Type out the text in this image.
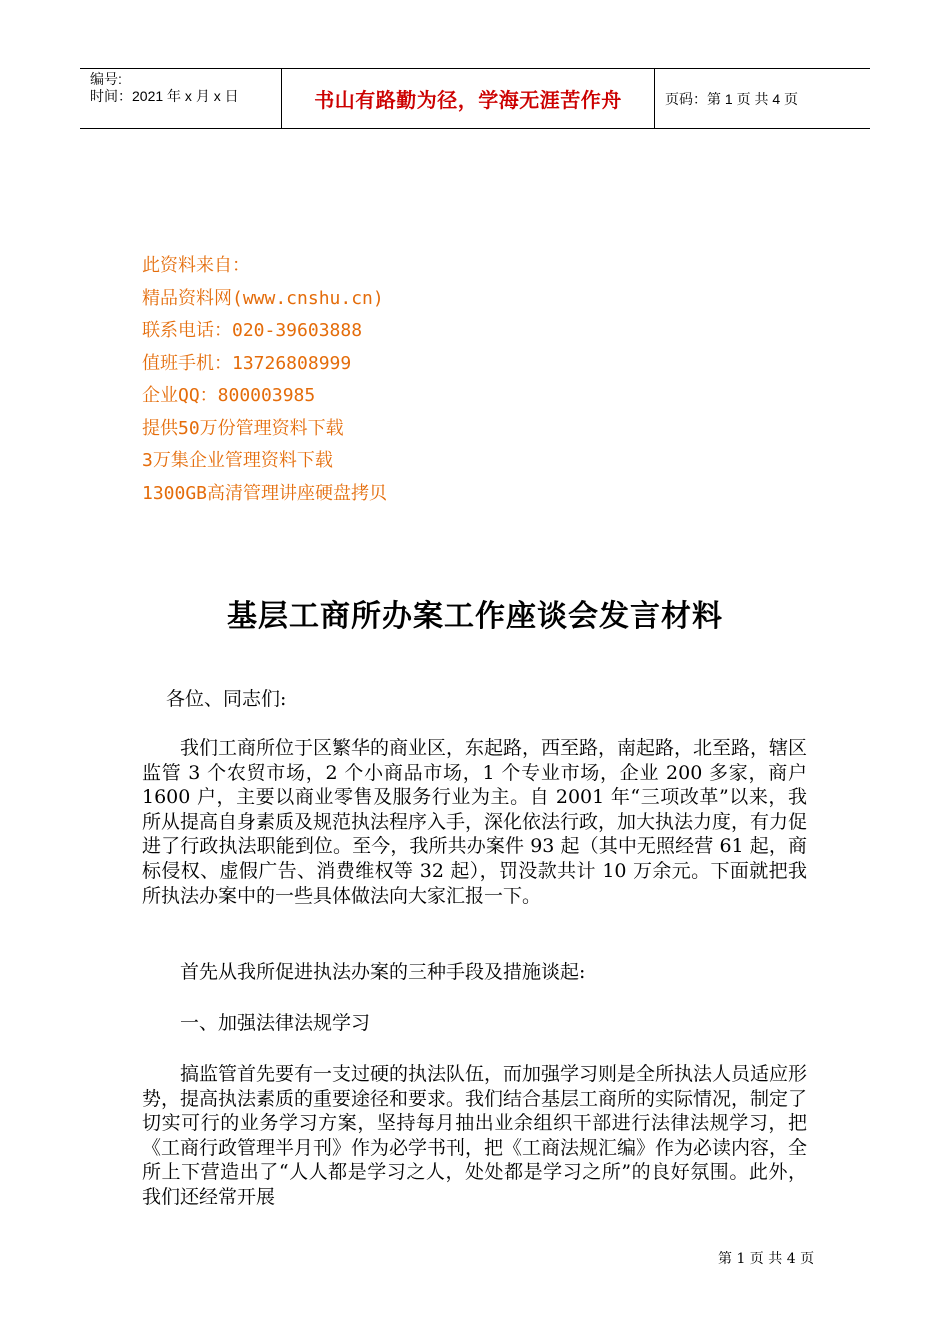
编号:
时间：2021 年 x 月 x 日	书山有路勤为径，学海无涯苦作舟	页码：第 1 页 共 4 页
此资料来自：
精品资料网(www.cnshu.cn)
联系电话：020-39603888
值班手机：13726808999
企业QQ：800003985
提供50万份管理资料下载
3万集企业管理资料下载
1300GB高清管理讲座硬盘拷贝
基层工商所办案工作座谈会发言材料
各位、同志们:
我们工商所位于区繁华的商业区，东起路，西至路，南起路，北至路，辖区监管 3 个农贸市场，2 个小商品市场，1 个专业市场，企业 200 多家，商户 1600 户，主要以商业零售及服务行业为主。自 2001 年“三项改革”以来，我所从提高自身素质及规范执法程序入手，深化依法行政，加大执法力度，有力促进了行政执法职能到位。至今，我所共办案件 93 起（其中无照经营 61 起，商标侵权、虚假广告、消费维权等 32 起），罚没款共计 10 万余元。下面就把我所执法办案中的一些具体做法向大家汇报一下。
首先从我所促进执法办案的三种手段及措施谈起:
一、加强法律法规学习
搞监管首先要有一支过硬的执法队伍，而加强学习则是全所执法人员适应形势，提高执法素质的重要途径和要求。我们结合基层工商所的实际情况，制定了切实可行的业务学习方案，坚持每月抽出业余组织干部进行法律法规学习，把《工商行政管理半月刊》作为必学书刊，把《工商法规汇编》作为必读内容，全所上下营造出了“人人都是学习之人，处处都是学习之所”的良好氛围。此外，我们还经常开展
第 1 页 共 4 页
